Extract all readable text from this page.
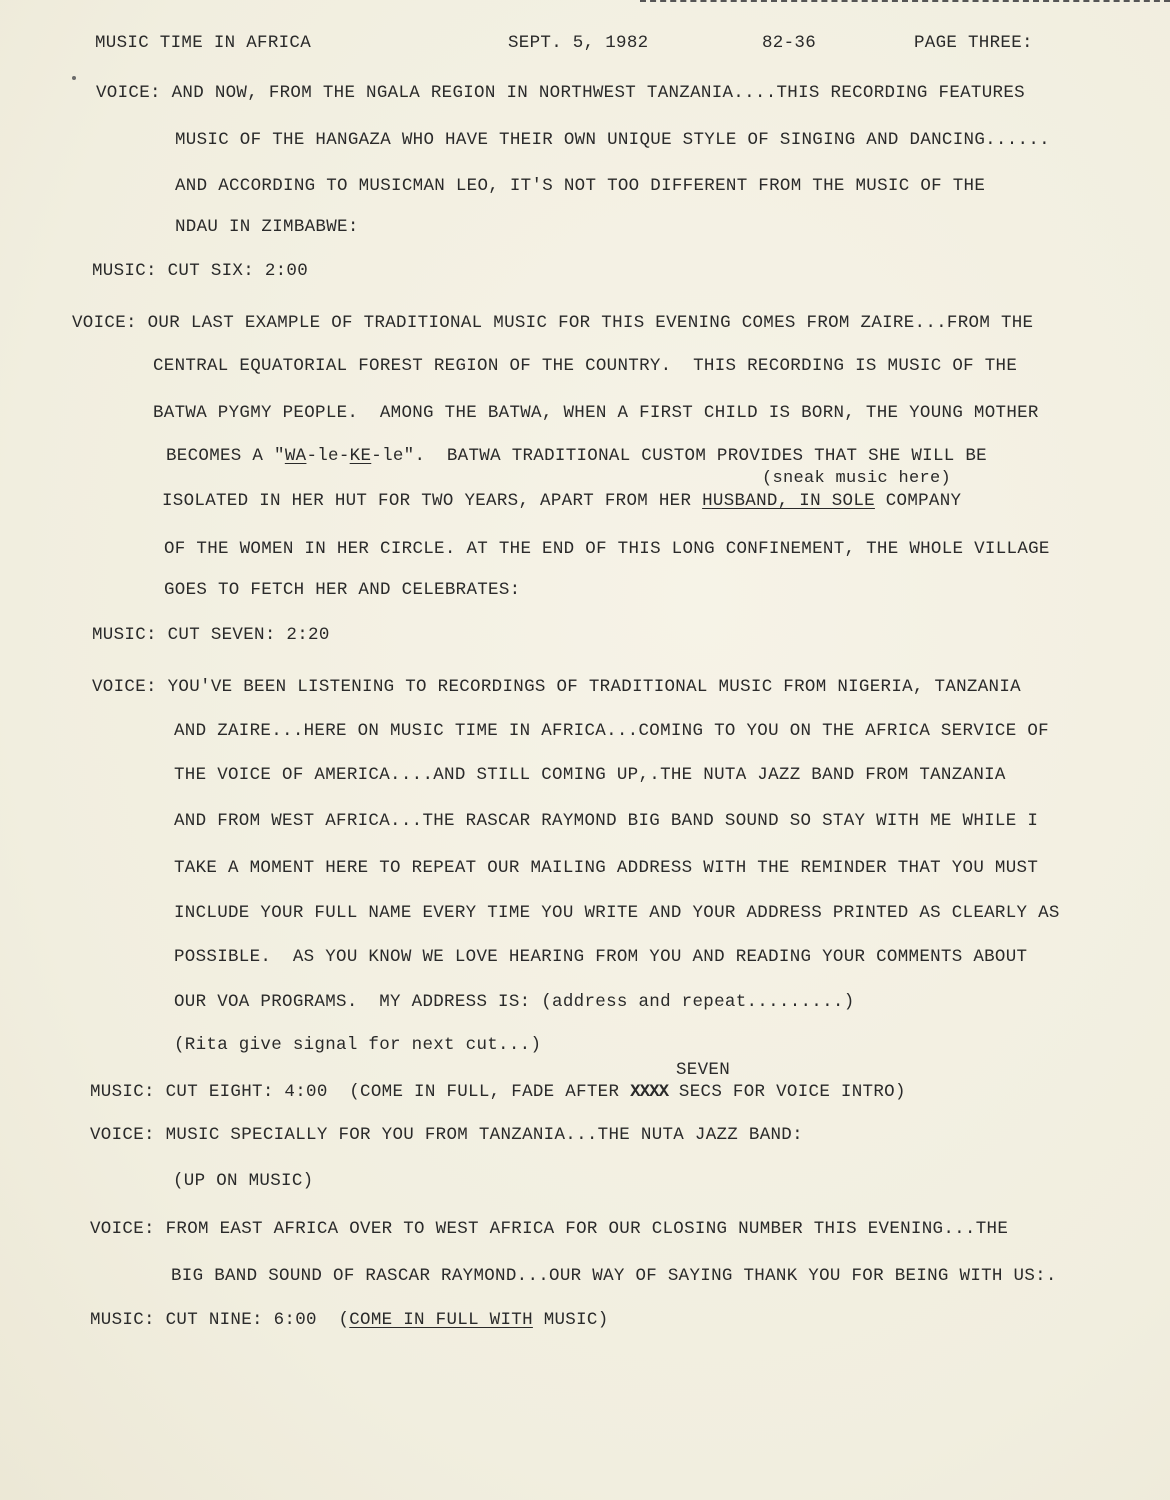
MUSIC TIME IN AFRICA	SEPT. 5, 1982	82-36	PAGE THREE:
VOICE: AND NOW, FROM THE NGALA REGION IN NORTHWEST TANZANIA....THIS RECORDING FEATURES
MUSIC OF THE HANGAZA WHO HAVE THEIR OWN UNIQUE STYLE OF SINGING AND DANCING......
AND ACCORDING TO MUSICMAN LEO, IT'S NOT TOO DIFFERENT FROM THE MUSIC OF THE
NDAU IN ZIMBABWE:
MUSIC: CUT SIX: 2:00
VOICE: OUR LAST EXAMPLE OF TRADITIONAL MUSIC FOR THIS EVENING COMES FROM ZAIRE...FROM THE
CENTRAL EQUATORIAL FOREST REGION OF THE COUNTRY.  THIS RECORDING IS MUSIC OF THE
BATWA PYGMY PEOPLE.  AMONG THE BATWA, WHEN A FIRST CHILD IS BORN, THE YOUNG MOTHER
BECOMES A "WA-le-KE-le".  BATWA TRADITIONAL CUSTOM PROVIDES THAT SHE WILL BE
(sneak music here)
ISOLATED IN HER HUT FOR TWO YEARS, APART FROM HER HUSBAND, IN SOLE COMPANY
OF THE WOMEN IN HER CIRCLE. AT THE END OF THIS LONG CONFINEMENT, THE WHOLE VILLAGE
GOES TO FETCH HER AND CELEBRATES:
MUSIC: CUT SEVEN: 2:20
VOICE: YOU'VE BEEN LISTENING TO RECORDINGS OF TRADITIONAL MUSIC FROM NIGERIA, TANZANIA
AND ZAIRE...HERE ON MUSIC TIME IN AFRICA...COMING TO YOU ON THE AFRICA SERVICE OF
THE VOICE OF AMERICA....AND STILL COMING UP,.THE NUTA JAZZ BAND FROM TANZANIA
AND FROM WEST AFRICA...THE RASCAR RAYMOND BIG BAND SOUND SO STAY WITH ME WHILE I
TAKE A MOMENT HERE TO REPEAT OUR MAILING ADDRESS WITH THE REMINDER THAT YOU MUST
INCLUDE YOUR FULL NAME EVERY TIME YOU WRITE AND YOUR ADDRESS PRINTED AS CLEARLY AS
POSSIBLE.  AS YOU KNOW WE LOVE HEARING FROM YOU AND READING YOUR COMMENTS ABOUT
OUR VOA PROGRAMS.  MY ADDRESS IS: (address and repeat.........)
(Rita give signal for next cut...)
SEVEN
MUSIC: CUT EIGHT: 4:00  (COME IN FULL, FADE AFTER XXXX SECS FOR VOICE INTRO)
VOICE: MUSIC SPECIALLY FOR YOU FROM TANZANIA...THE NUTA JAZZ BAND:
(UP ON MUSIC)
VOICE: FROM EAST AFRICA OVER TO WEST AFRICA FOR OUR CLOSING NUMBER THIS EVENING...THE
BIG BAND SOUND OF RASCAR RAYMOND...OUR WAY OF SAYING THANK YOU FOR BEING WITH US:.
MUSIC: CUT NINE: 6:00  (COME IN FULL WITH MUSIC)
